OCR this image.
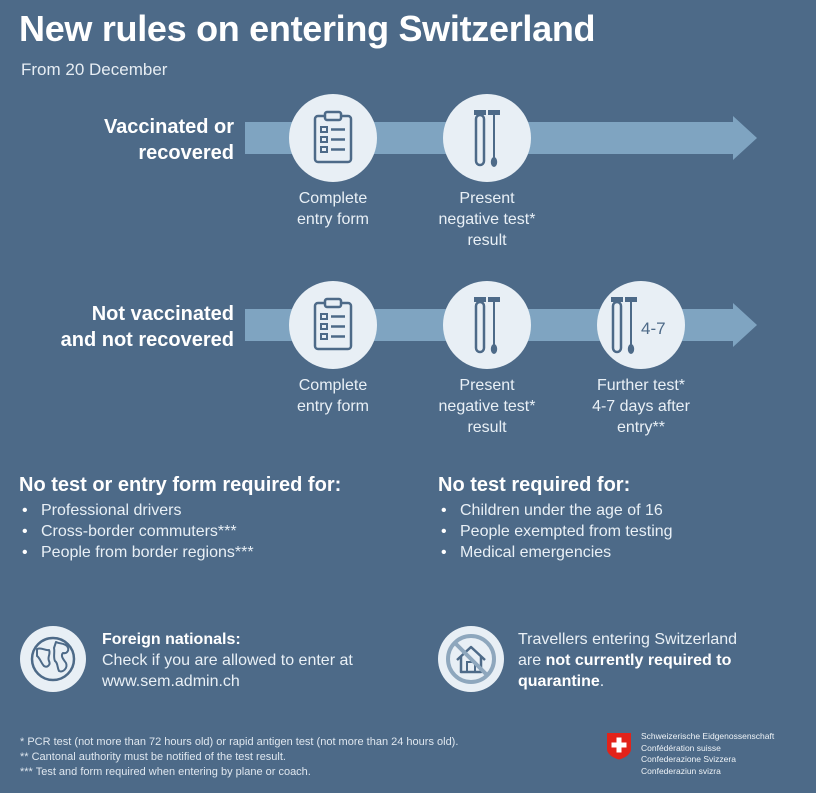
New rules on entering Switzerland
From 20 December
Vaccinated or
recovered
Complete
entry form
Present
negative test*
result
Not vaccinated
and not recovered
4-7
Complete
entry form
Present
negative test*
result
Further test*
4-7 days after
entry**
No test or entry form required for:
• Professional drivers
• Cross-border commuters***
• People from border regions***
No test required for:
• Children under the age of 16
• People exempted from testing
• Medical emergencies
Foreign nationals:
Check if you are allowed to enter at
www.sem.admin.ch
Travellers entering Switzerland
are not currently required to
quarantine.
* PCR test (not more than 72 hours old) or rapid antigen test (not more than 24 hours old).
** Cantonal authority must be notified of the test result.
*** Test and form required when entering by plane or coach.
Schweizerische Eidgenossenschaft
Confédération suisse
Confederazione Svizzera
Confederaziun svizra
